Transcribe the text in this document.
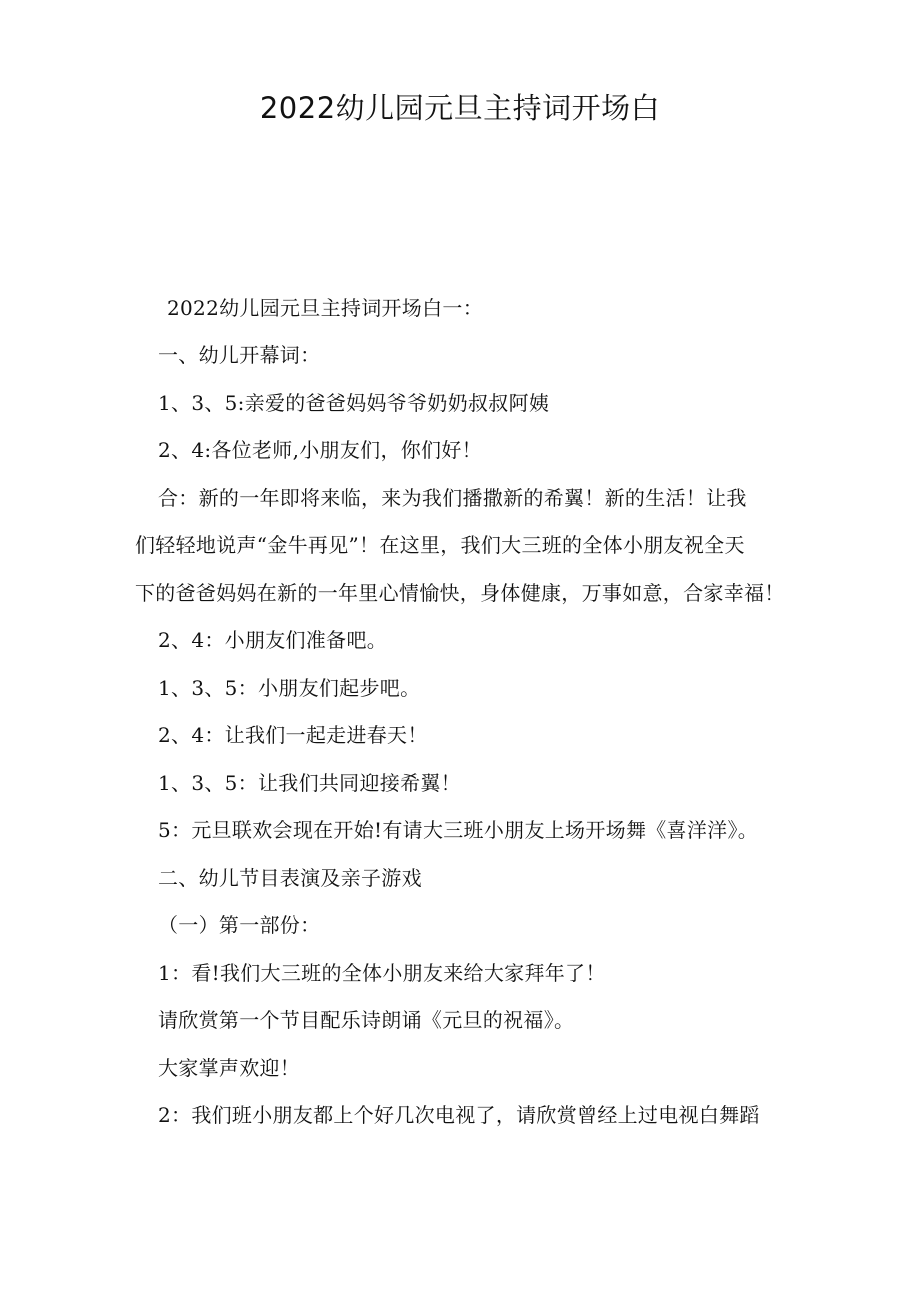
2022幼儿园元旦主持词开场白
2022幼儿园元旦主持词开场白一：
一、幼儿开幕词：
1、3、5:亲爱的爸爸妈妈爷爷奶奶叔叔阿姨
2、4:各位老师,小朋友们，你们好！
合：新的一年即将来临，来为我们播撒新的希翼！新的生活！让我
们轻轻地说声“金牛再见”！在这里，我们大三班的全体小朋友祝全天
下的爸爸妈妈在新的一年里心情愉快，身体健康，万事如意，合家幸福！
2、4：小朋友们准备吧。
1、3、5：小朋友们起步吧。
2、4：让我们一起走进春天！
1、3、5：让我们共同迎接希翼！
5：元旦联欢会现在开始!有请大三班小朋友上场开场舞《喜洋洋》。
二、幼儿节目表演及亲子游戏
（一）第一部份：
1：看!我们大三班的全体小朋友来给大家拜年了！
请欣赏第一个节目配乐诗朗诵《元旦的祝福》。
大家掌声欢迎！
2：我们班小朋友都上个好几次电视了，请欣赏曾经上过电视白舞蹈
